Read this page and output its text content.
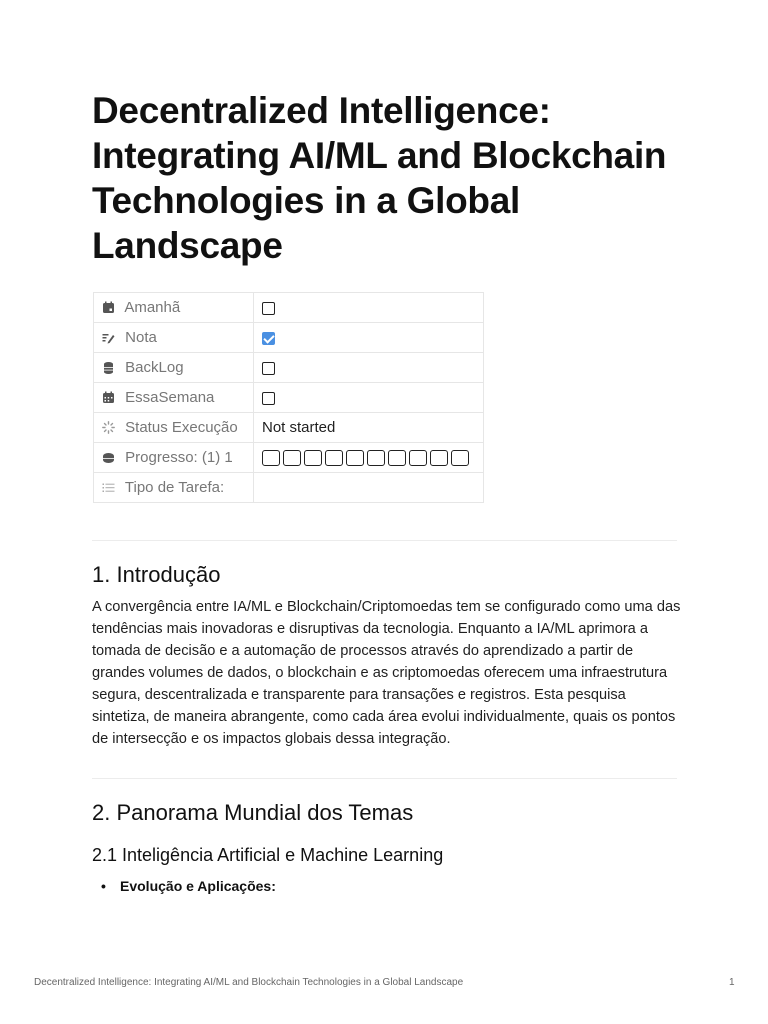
Decentralized Intelligence: Integrating AI/ML and Blockchain Technologies in a Global Landscape
Amanhã	
Nota	
BackLog	
EssaSemana	
Status Execução	Not started
Progresso: (1) 1	
Tipo de Tarefa:	
1. Introdução

A convergência entre IA/ML e Blockchain/Criptomoedas tem se configurado como uma das tendências mais inovadoras e disruptivas da tecnologia. Enquanto a IA/ML aprimora a tomada de decisão e a automação de processos através do aprendizado a partir de grandes volumes de dados, o blockchain e as criptomoedas oferecem uma infraestrutura segura, descentralizada e transparente para transações e registros. Esta pesquisa sintetiza, de maneira abrangente, como cada área evolui individualmente, quais os pontos de intersecção e os impactos globais dessa integração.

2. Panorama Mundial dos Temas
2.1 Inteligência Artificial e Machine Learning
• Evolução e Aplicações:
Decentralized Intelligence: Integrating AI/ML and Blockchain Technologies in a Global Landscape	1
